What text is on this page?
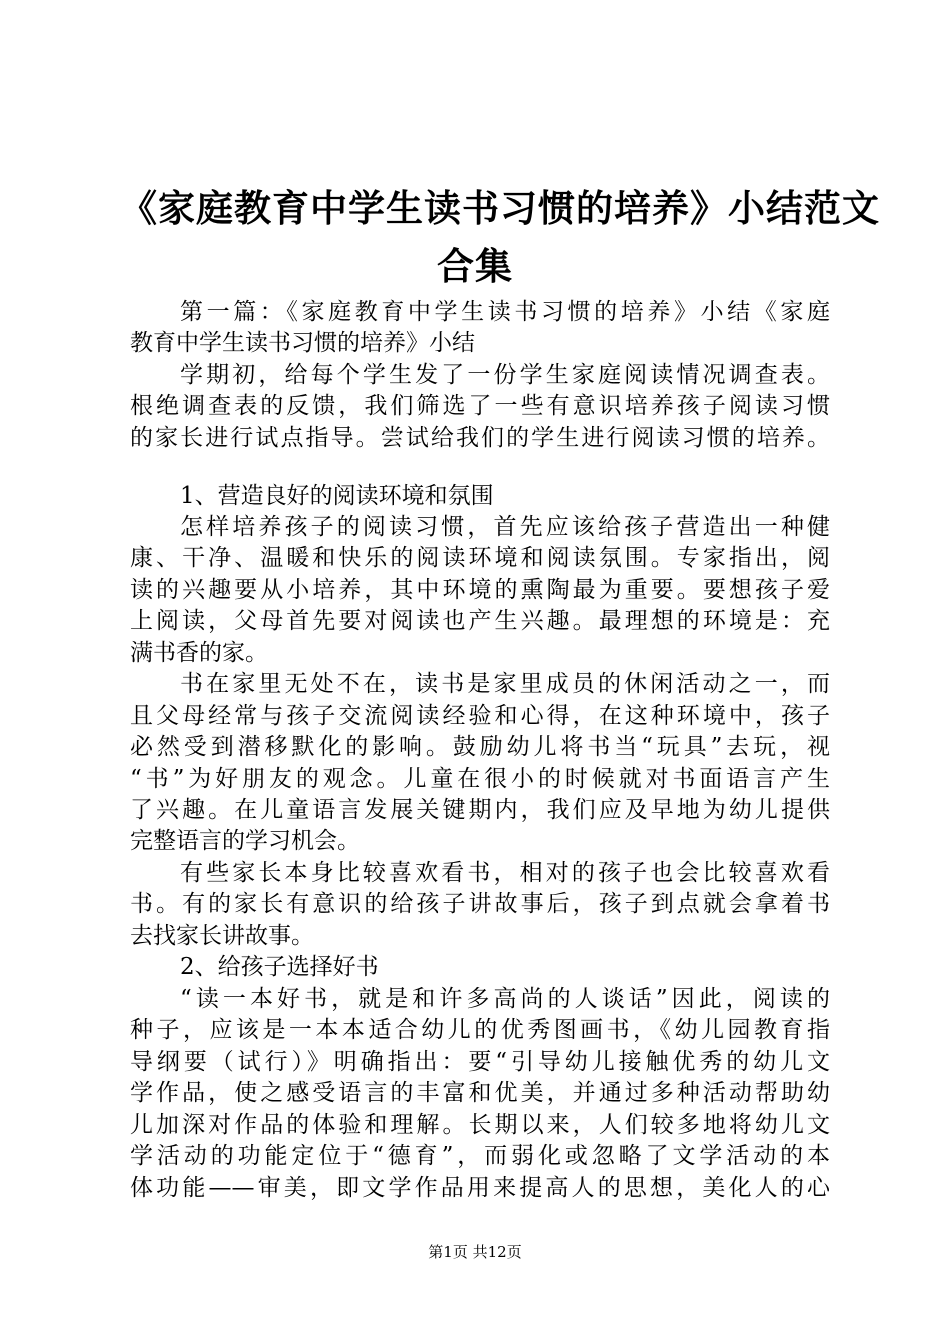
《家庭教育中学生读书习惯的培养》小结范文
合集
第一篇：《家庭教育中学生读书习惯的培养》小结《家庭
教育中学生读书习惯的培养》小结
学期初，给每个学生发了一份学生家庭阅读情况调查表。
根绝调查表的反馈，我们筛选了一些有意识培养孩子阅读习惯
的家长进行试点指导。尝试给我们的学生进行阅读习惯的培养。
1、营造良好的阅读环境和氛围
怎样培养孩子的阅读习惯，首先应该给孩子营造出一种健
康、干净、温暖和快乐的阅读环境和阅读氛围。专家指出，阅
读的兴趣要从小培养，其中环境的熏陶最为重要。要想孩子爱
上阅读，父母首先要对阅读也产生兴趣。最理想的环境是：充
满书香的家。
书在家里无处不在，读书是家里成员的休闲活动之一，而
且父母经常与孩子交流阅读经验和心得，在这种环境中，孩子
必然受到潜移默化的影响。鼓励幼儿将书当“玩具”去玩，视
“书”为好朋友的观念。儿童在很小的时候就对书面语言产生
了兴趣。在儿童语言发展关键期内，我们应及早地为幼儿提供
完整语言的学习机会。
有些家长本身比较喜欢看书，相对的孩子也会比较喜欢看
书。有的家长有意识的给孩子讲故事后，孩子到点就会拿着书
去找家长讲故事。
2、给孩子选择好书
“读一本好书，就是和许多高尚的人谈话”因此，阅读的
种子，应该是一本本适合幼儿的优秀图画书，《幼儿园教育指
导纲要（试行）》明确指出：要“引导幼儿接触优秀的幼儿文
学作品，使之感受语言的丰富和优美，并通过多种活动帮助幼
儿加深对作品的体验和理解。长期以来，人们较多地将幼儿文
学活动的功能定位于“德育”，而弱化或忽略了文学活动的本
体功能——审美，即文学作品用来提高人的思想，美化人的心
第1页 共12页
